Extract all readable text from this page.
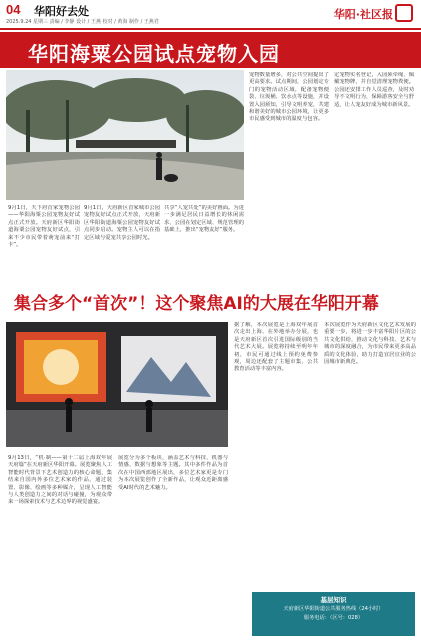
04 华阳好去处
2025.9.24 星期三 责编 / 李静 设计 / 王燕 校对 / 黄海 制作 / 王燕君
华阳·社区报
华阳海粟公园试点宠物入园
9月1日，天下府首家宠物公园——华阳海粟公园宠物友好试点正式开放。天府新区华阳街道海粟公园宠物友好试点，引来不少市民带着萌宠前来“打卡”。
9月1日，天府新区首家城市公园宠物友好试点正式开放，天府新区华阳街道海粟公园宠物友好试点同步启动。宠物主人可以在指定区域与爱宠共享公园时光。
共享“人宠共处”的美好画面。为进一步满足居民日益增长的休闲需求，公园在划定区域、规范管理的基础上，推出“宠物友好”服务。
宠物数量增多，对公共空间提出了更高要求。试点期间，公园划定专门的宠物活动区域，配备宠物便袋、垃圾桶、饮水点等设施，并设置入园须知，引导文明养宠，共建和谐美好的城市公园环境，让更多市民感受到城市的温度与包容。
定宠物实名登记，入园须牵绳、佩戴宠物牌，并自觉清理宠物粪便。公园还安排工作人员巡查，及时劝导不文明行为，保障游客安全与舒适，让人宠友好成为城市新风景。
集合多个“首次”！这个聚焦AI的大展在华阳开幕
9月13日，“机·制——第十二届上海双年展天府篇”在天府新区华阳开幕。展览聚焦人工智能时代背景下艺术创造力的核心命题，集结来自国内外多位艺术家的作品，通过装置、影像、绘画等多种媒介，呈现人工智能与人类创造力之间的对话与碰撞，为观众带来一场探索技术与艺术边界的视觉盛宴。
展览分为多个板块，涵盖艺术与科技、机器与情感、数据与想象等主题。其中多件作品为首次在中国西部地区展出，多位艺术家更是专门为本次展览创作了全新作品，让观众近距离感受AI时代的艺术魅力。
据了解，本次展览是上海双年展首次走出上海、在外地举办分展，也是天府新区首次引进国际级别的当代艺术大展。展览将持续至明年年初，市民可通过线上预约免费参观，周边还配套了主题市集、公共教育活动等丰富内容。
本次展览作为天府新区文化艺术发展的重要一步，将进一步丰富华阳片区的公共文化供给，推动文化与科技、艺术与城市的深度融合，为市民带来更多高品质的文化体验，助力打造宜居宜业的公园城市新典范。
基层知识
天府新区华阳街道公共服务热线（24小时）
服务电话：（区号：028）
